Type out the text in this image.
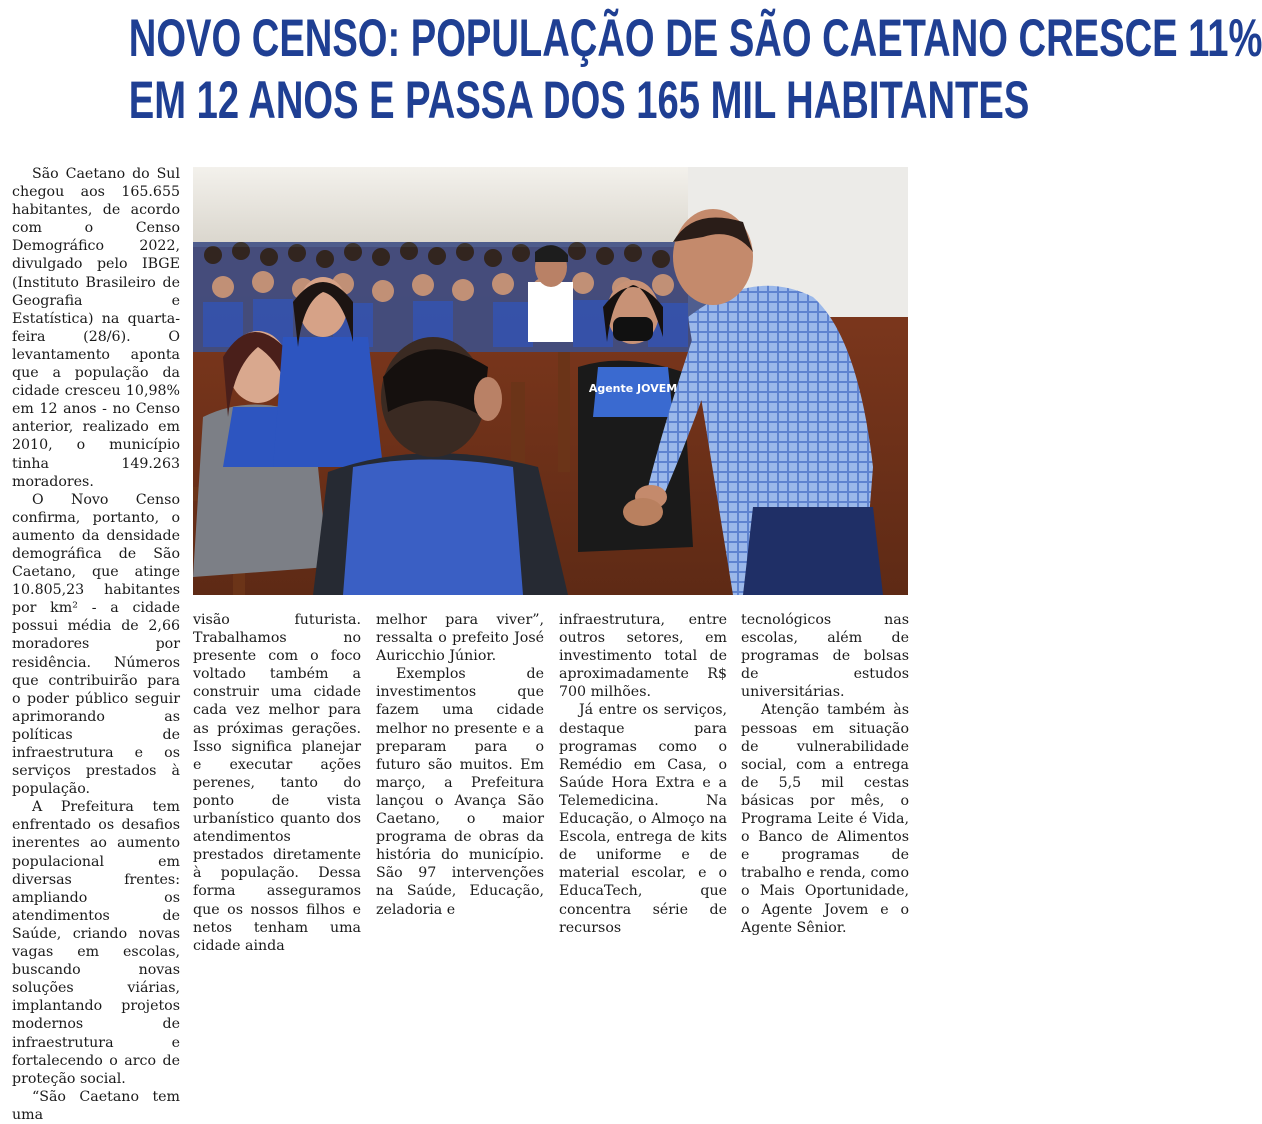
NOVO CENSO: POPULAÇÃO DE SÃO CAETANO CRESCE 11%
EM 12 ANOS E PASSA DOS 165 MIL HABITANTES

São Caetano do Sul chegou aos 165.655 habitantes, de acordo com o Censo Demográfico 2022, divulgado pelo IBGE (Instituto Brasileiro de Geografia e Estatística) na quarta-feira (28/6). O levantamento aponta que a população da cidade cresceu 10,98% em 12 anos - no Censo anterior, realizado em 2010, o município tinha 149.263 moradores.

O Novo Censo confirma, portanto, o aumento da densidade demográfica de São Caetano, que atinge 10.805,23 habitantes por km² - a cidade possui média de 2,66 moradores por residência. Números que contribuirão para o poder público seguir aprimorando as políticas de infraestrutura e os serviços prestados à população.

A Prefeitura tem enfrentado os desafios inerentes ao aumento populacional em diversas frentes: ampliando os atendimentos de Saúde, criando novas vagas em escolas, buscando novas soluções viárias, implantando projetos modernos de infraestrutura e fortalecendo o arco de proteção social.

“São Caetano tem uma

Agente JOVEM

visão futurista. Trabalhamos no presente com o foco voltado também a construir uma cidade cada vez melhor para as próximas gerações. Isso significa planejar e executar ações perenes, tanto do ponto de vista urbanístico quanto dos atendimentos prestados diretamente à população. Dessa forma asseguramos que os nossos filhos e netos tenham uma cidade ainda

melhor para viver”, ressalta o prefeito José Auricchio Júnior.

Exemplos de investimentos que fazem uma cidade melhor no presente e a preparam para o futuro são muitos. Em março, a Prefeitura lançou o Avança São Caetano, o maior programa de obras da história do município. São 97 intervenções na Saúde, Educação, zeladoria e

infraestrutura, entre outros setores, em investimento total de aproximadamente R$ 700 milhões.

Já entre os serviços, destaque para programas como o Remédio em Casa, o Saúde Hora Extra e a Telemedicina. Na Educação, o Almoço na Escola, entrega de kits de uniforme e de material escolar, e o EducaTech, que concentra série de recursos

tecnológicos nas escolas, além de programas de bolsas de estudos universitárias.

Atenção também às pessoas em situação de vulnerabilidade social, com a entrega de 5,5 mil cestas básicas por mês, o Programa Leite é Vida, o Banco de Alimentos e programas de trabalho e renda, como o Mais Oportunidade, o Agente Jovem e o Agente Sênior.
